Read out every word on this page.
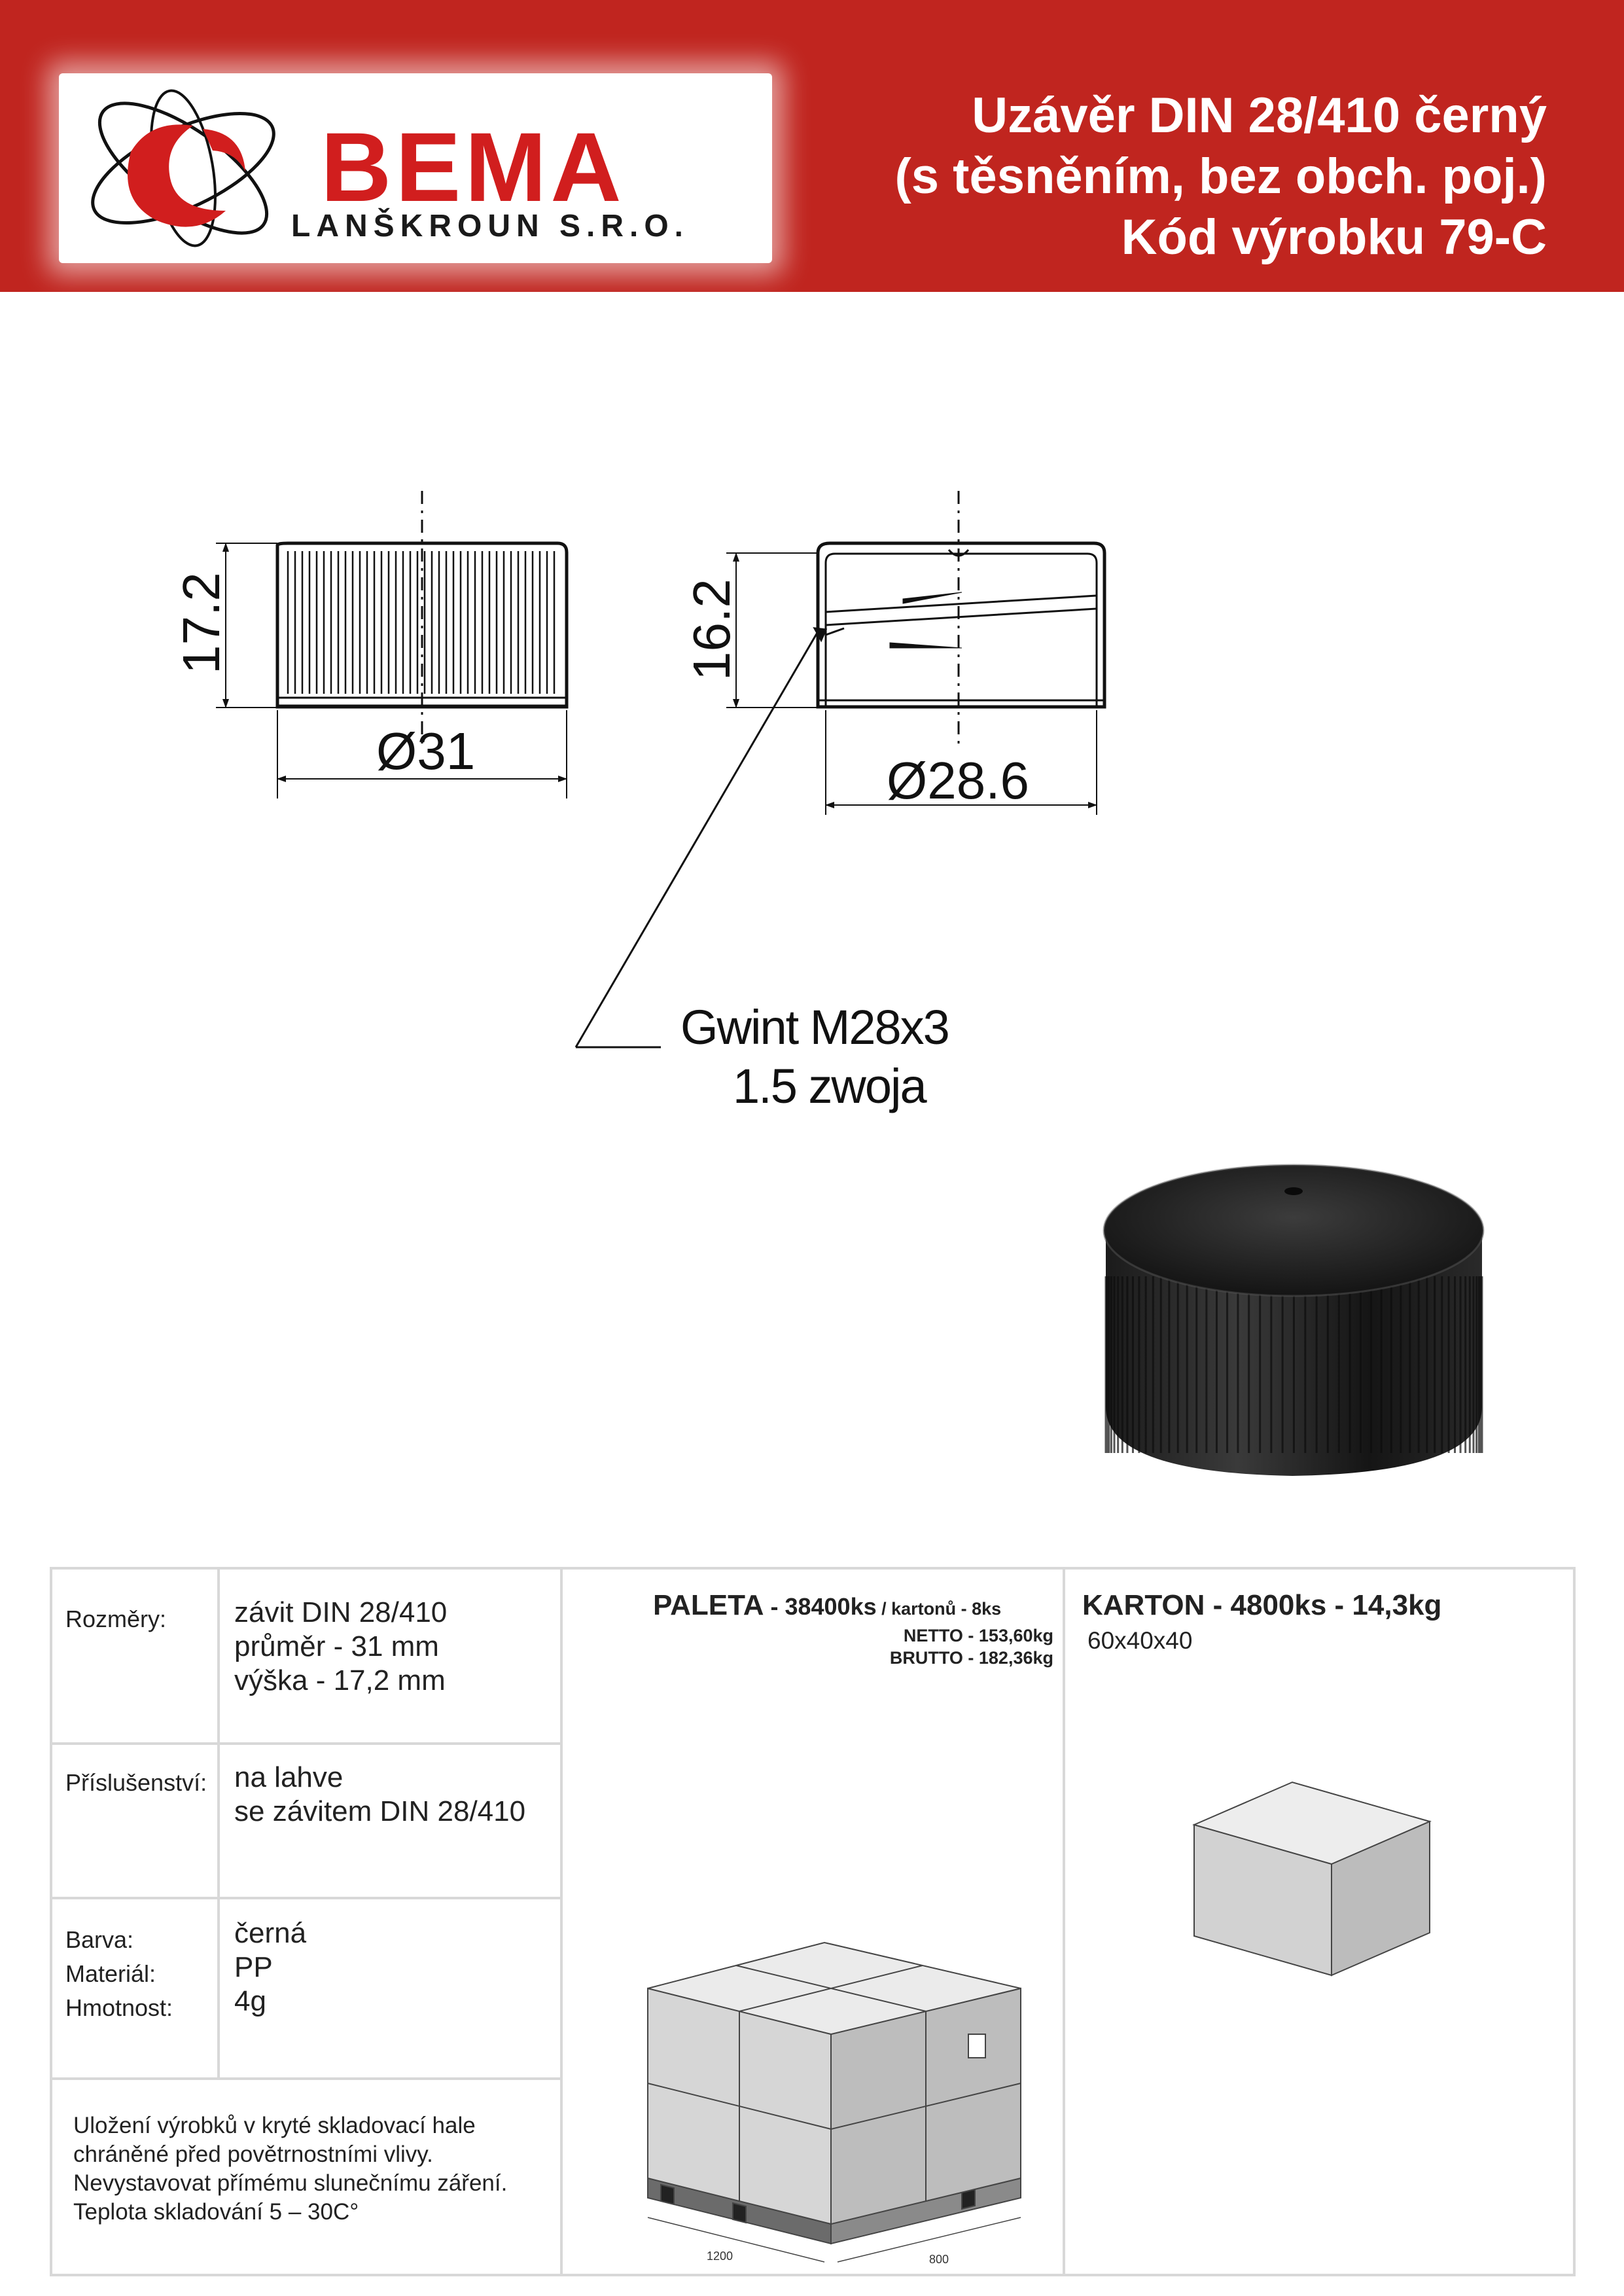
BEMA
LANŠKROUN S.R.O.
Uzávěr DIN 28/410 černý
(s těsněním, bez obch. poj.)
Kód výrobku 79-C
17.2
Ø31
16.2
Ø28.6
Gwint M28x3
1.5 zwoja
Rozměry: závit DIN 28/410
průměr - 31 mm
výška - 17,2 mm
Příslušenství: na lahve
se závitem DIN 28/410
Barva:
Materiál:
Hmotnost:
černá
PP
4g
Uložení výrobků v kryté skladovací hale
chráněné před povětrnostními vlivy.
Nevystavovat přímému slunečnímu záření.
Teplota skladování 5 – 30C°
PALETA - 38400ks / kartonů - 8ks
NETTO - 153,60kg
BRUTTO - 182,36kg
1200	800
KARTON - 4800ks - 14,3kg
60x40x40
